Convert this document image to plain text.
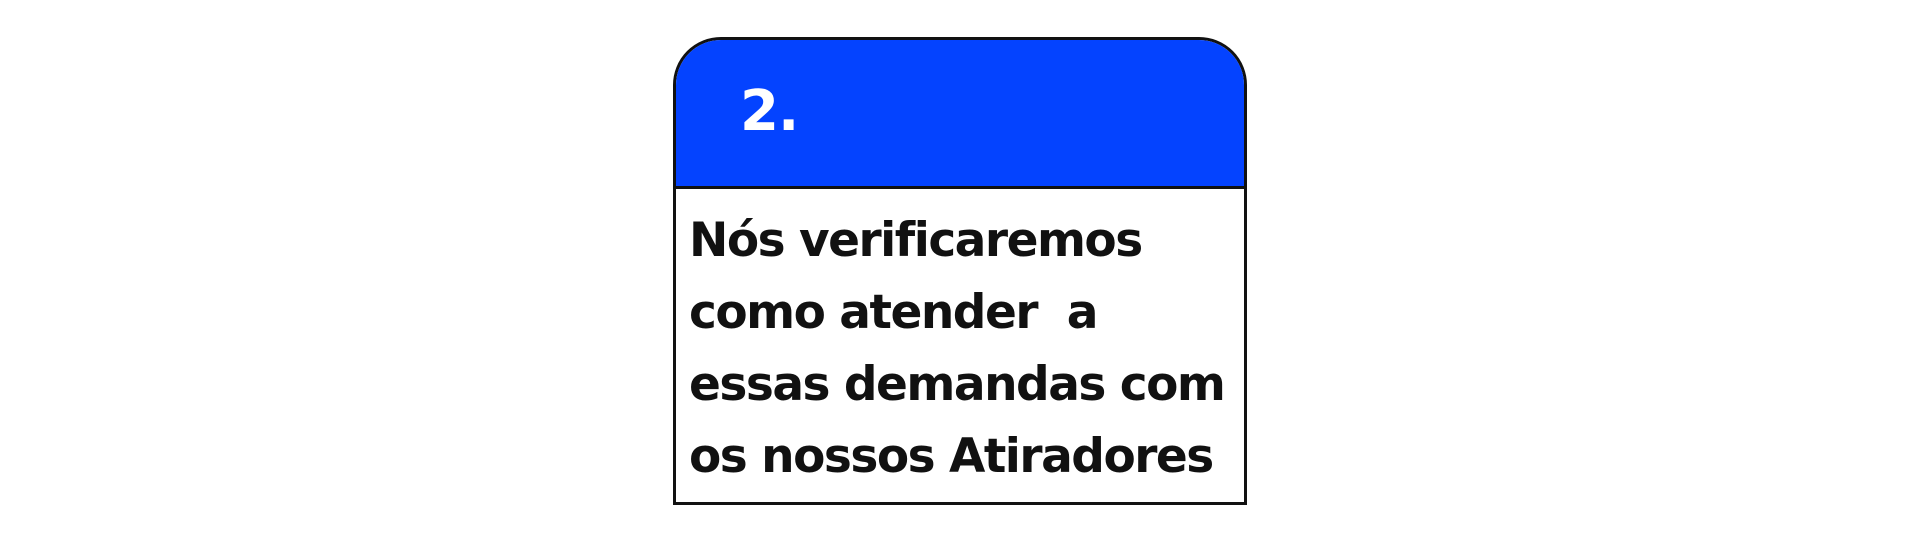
2.

Nós verificaremos

como atender  a

essas demandas com

os nossos Atiradores
